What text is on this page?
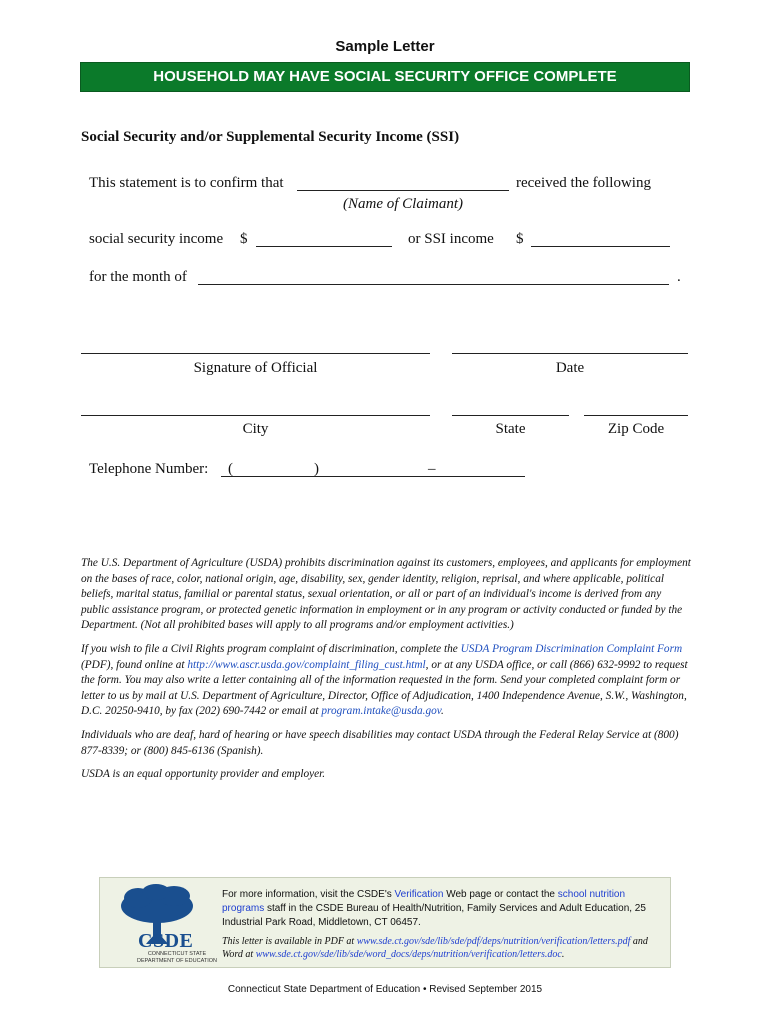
Sample Letter
HOUSEHOLD MAY HAVE SOCIAL SECURITY OFFICE COMPLETE
Social Security and/or Supplemental Security Income (SSI)
This statement is to confirm that	received the following
(Name of Claimant)
social security income $	or SSI income $
for the month of	.
Signature of Official	Date
City	State	Zip Code
Telephone Number: (	)	–

The U.S. Department of Agriculture (USDA) prohibits discrimination against its customers, employees, and applicants for employment on the bases of race, color, national origin, age, disability, sex, gender identity, religion, reprisal, and where applicable, political beliefs, marital status, familial or parental status, sexual orientation, or all or part of an individual's income is derived from any public assistance program, or protected genetic information in employment or in any program or activity conducted or funded by the Department. (Not all prohibited bases will apply to all programs and/or employment activities.)

If you wish to file a Civil Rights program complaint of discrimination, complete the USDA Program Discrimination Complaint Form (PDF), found online at http://www.ascr.usda.gov/complaint_filing_cust.html, or at any USDA office, or call (866) 632-9992 to request the form. You may also write a letter containing all of the information requested in the form. Send your completed complaint form or letter to us by mail at U.S. Department of Agriculture, Director, Office of Adjudication, 1400 Independence Avenue, S.W., Washington, D.C. 20250-9410, by fax (202) 690-7442 or email at program.intake@usda.gov.

Individuals who are deaf, hard of hearing or have speech disabilities may contact USDA through the Federal Relay Service at (800) 877-8339; or (800) 845-6136 (Spanish).

USDA is an equal opportunity provider and employer.

CSDE
CONNECTICUT STATE DEPARTMENT OF EDUCATION
For more information, visit the CSDE's Verification Web page or contact the school nutrition programs staff in the CSDE Bureau of Health/Nutrition, Family Services and Adult Education, 25 Industrial Park Road, Middletown, CT 06457.
This letter is available in PDF at www.sde.ct.gov/sde/lib/sde/pdf/deps/nutrition/verification/letters.pdf and Word at www.sde.ct.gov/sde/lib/sde/word_docs/deps/nutrition/verification/letters.doc.
Connecticut State Department of Education • Revised September 2015
